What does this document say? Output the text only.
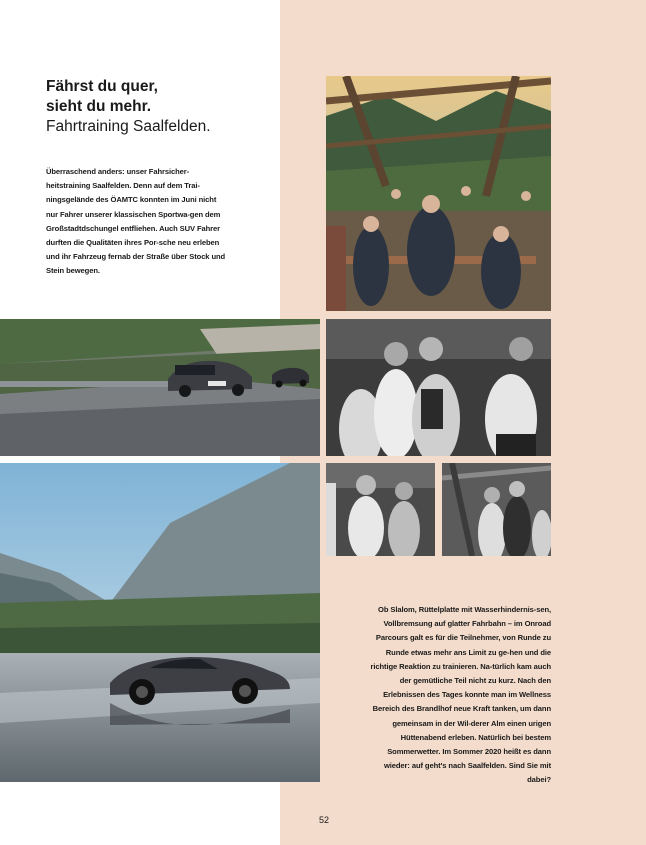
Fährst du quer,
sieht du mehr.
Fahrtraining Saalfelden.
Überraschend anders: unser Fahrsicher-heitstraining Saalfelden. Denn auf dem Trai-ningsgelände des ÖAMTC konnten im Juni nicht nur Fahrer unserer klassischen Sportwa-gen dem Großstadtdschungel entfliehen. Auch SUV Fahrer durften die Qualitäten ihres Por-sche neu erleben und ihr Fahrzeug fernab der Straße über Stock und Stein bewegen.
Ob Slalom, Rüttelplatte mit Wasserhindernis-sen, Vollbremsung auf glatter Fahrbahn – im Onroad Parcours galt es für die Teilnehmer, von Runde zu Runde etwas mehr ans Limit zu ge-hen und die richtige Reaktion zu trainieren. Na-türlich kam auch der gemütliche Teil nicht zu kurz. Nach den Erlebnissen des Tages konnte man im Wellness Bereich des Brandlhof neue Kraft tanken, um dann gemeinsam in der Wil-derer Alm einen urigen Hüttenabend erleben. Natürlich bei bestem Sommerwetter. Im Sommer 2020 heißt es dann wieder: auf geht's nach Saalfelden. Sind Sie mit dabei?
52
